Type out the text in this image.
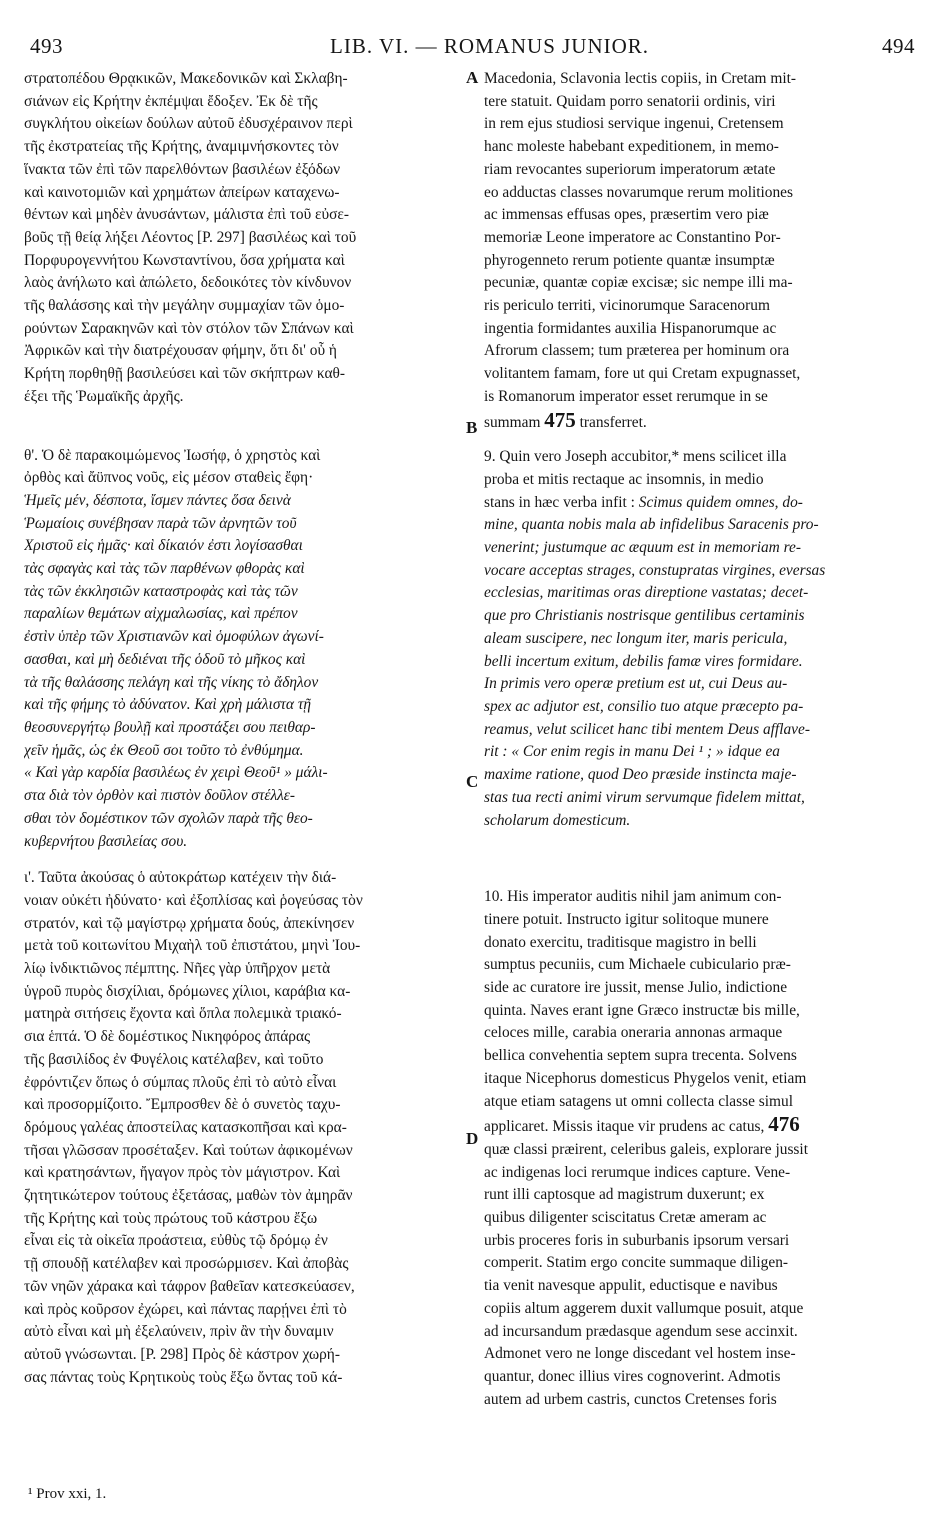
493	LIB. VI. — ROMANUS JUNIOR.	494
A
B
C
D
στρατοπέδου Θρᾳκικῶν, Μακεδονικῶν καὶ Σκλαβη-
σιάνων εἰς Κρήτην ἐκπέμψαι ἔδοξεν. Ἐκ δὲ τῆς
συγκλήτου οἰκείων δούλων αὐτοῦ ἐδυσχέραινον περὶ
τῆς ἐκστρατείας τῆς Κρήτης, ἀναμιμνήσκοντες τὸν
ἵνακτα τῶν ἐπὶ τῶν παρελθόντων βασιλέων ἐξόδων
καὶ καινοτομιῶν καὶ χρημάτων ἀπείρων καταχενω-
θέντων καὶ μηδὲν ἀνυσάντων, μάλιστα ἐπὶ τοῦ εὐσε-
βοῦς τῇ θείᾳ λήξει Λέοντος [P. 297] βασιλέως καὶ τοῦ
Πορφυρογεννήτου Κωνσταντίνου, ὅσα χρήματα καὶ
λαὸς ἀνήλωτο καὶ ἀπώλετο, δεδοικότες τὸν κίνδυνον
τῆς θαλάσσης καὶ τὴν μεγάλην συμμαχίαν τῶν ὁμο-
ρούντων Σαρακηνῶν καὶ τὸν στόλον τῶν Σπάνων καὶ
Ἀφρικῶν καὶ τὴν διατρέχουσαν φήμην, ὅτι δι' οὗ ἡ
Κρήτη πορθηθῇ βασιλεύσει καὶ τῶν σκήπτρων καθ-
έξει τῆς Ῥωμαϊκῆς ἀρχῆς.
θ'. Ὁ δὲ παρακοιμώμενος Ἰωσήφ, ὁ χρηστὸς καὶ
ὀρθὸς καὶ ἄϋπνος νοῦς, εἰς μέσον σταθεὶς ἔφη·
Ἡμεῖς μέν, δέσποτα, ἴσμεν πάντες ὅσα δεινὰ
Ῥωμαίοις συνέβησαν παρὰ τῶν ἀρνητῶν τοῦ
Χριστοῦ εἰς ἡμᾶς· καὶ δίκαιόν ἐστι λογίσασθαι
τὰς σφαγὰς καὶ τὰς τῶν παρθένων φθορὰς καὶ
τὰς τῶν ἐκκλησιῶν καταστροφὰς καὶ τὰς τῶν
παραλίων θεμάτων αἰχμαλωσίας, καὶ πρέπον
ἐστὶν ὑπὲρ τῶν Χριστιανῶν καὶ ὁμοφύλων ἀγωνί-
σασθαι, καὶ μὴ δεδιέναι τῆς ὁδοῦ τὸ μῆκος καὶ
τὰ τῆς θαλάσσης πελάγη καὶ τῆς νίκης τὸ ἄδηλον
καὶ τῆς φήμης τὸ ἀδύνατον. Καὶ χρὴ μάλιστα τῇ
θεοσυνεργήτῳ βουλῇ καὶ προστάξει σου πειθαρ-
χεῖν ἡμᾶς, ὡς ἐκ Θεοῦ σοι τοῦτο τὸ ἐνθύμημα.
« Καὶ γὰρ καρδία βασιλέως ἐν χειρὶ Θεοῦ¹ » μάλι-
στα διὰ τὸν ὀρθὸν καὶ πιστὸν δοῦλον στέλλε-
σθαι τὸν δομέστικον τῶν σχολῶν παρὰ τῆς θεο-
κυβερνήτου βασιλείας σου.
ι'. Ταῦτα ἀκούσας ὁ αὐτοκράτωρ κατέχειν τὴν διά-
νοιαν οὐκέτι ἠδύνατο· καὶ ἐξοπλίσας καὶ ῥογεύσας τὸν
στρατόν, καὶ τῷ μαγίστρῳ χρήματα δούς, ἀπεκίνησεν
μετὰ τοῦ κοιτωνίτου Μιχαὴλ τοῦ ἐπιστάτου, μηνὶ Ἰου-
λίῳ ἰνδικτιῶνος πέμπτης. Νῆες γὰρ ὑπῆρχον μετὰ
ὑγροῦ πυρὸς δισχίλιαι, δρόμωνες χίλιοι, καράβια κα-
ματηρὰ σιτήσεις ἔχοντα καὶ ὅπλα πολεμικὰ τριακό-
σια ἑπτά. Ὁ δὲ δομέστικος Νικηφόρος ἀπάρας
τῆς βασιλίδος ἐν Φυγέλοις κατέλαβεν, καὶ τοῦτο
ἐφρόντιζεν ὅπως ὁ σύμπας πλοῦς ἐπὶ τὸ αὐτὸ εἶναι
καὶ προσορμίζοιτο. Ἔμπροσθεν δὲ ὁ συνετὸς ταχυ-
δρόμους γαλέας ἀποστείλας κατασκοπῆσαι καὶ κρα-
τῆσαι γλῶσσαν προσέταξεν. Καὶ τούτων ἀφικομένων
καὶ κρατησάντων, ἤγαγον πρὸς τὸν μάγιστρον. Καὶ
ζητητικώτερον τούτους ἐξετάσας, μαθὼν τὸν ἀμηρᾶν
τῆς Κρήτης καὶ τοὺς πρώτους τοῦ κάστρου ἔξω
εἶναι εἰς τὰ οἰκεῖα προάστεια, εὐθὺς τῷ δρόμῳ ἐν
τῇ σπουδῇ κατέλαβεν καὶ προσώρμισεν. Καὶ ἀποβὰς
τῶν νηῶν χάρακα καὶ τάφρον βαθεῖαν κατεσκεύασεν,
καὶ πρὸς κοῦρσον ἐχώρει, καὶ πάντας παρῄνει ἐπὶ τὸ
αὐτὸ εἶναι καὶ μὴ ἐξελαύνειν, πρὶν ἂν τὴν δυναμιν
αὐτοῦ γνώσωνται. [P. 298] Πρὸς δὲ κάστρον χωρή-
σας πάντας τοὺς Κρητικοὺς τοὺς ἔξω ὄντας τοῦ κά-
Macedonia, Sclavonia lectis copiis, in Cretam mit-
tere statuit. Quidam porro senatorii ordinis, viri
in rem ejus studiosi servique ingenui, Cretensem
hanc moleste habebant expeditionem, in memo-
riam revocantes superiorum imperatorum ætate
eo adductas classes novarumque rerum molitiones
ac immensas effusas opes, præsertim vero piæ
memoriæ Leone imperatore ac Constantino Por-
phyrogenneto rerum potiente quantæ insumptæ
pecuniæ, quantæ copiæ excisæ; sic nempe illi ma-
ris periculo territi, vicinorumque Saracenorum
ingentia formidantes auxilia Hispanorumque ac
Afrorum classem; tum præterea per hominum ora
volitantem famam, fore ut qui Cretam expugnasset,
is Romanorum imperator esset rerumque in se
summam 475 transferret.
9. Quin vero Joseph accubitor,* mens scilicet illa
proba et mitis rectaque ac insomnis, in medio
stans in hæc verba infit : Scimus quidem omnes, do-
mine, quanta nobis mala ab infidelibus Saracenis pro-
venerint; justumque ac æquum est in memoriam re-
vocare acceptas strages, constupratas virgines, eversas
ecclesias, maritimas oras direptione vastatas; decet-
que pro Christianis nostrisque gentilibus certaminis
aleam suscipere, nec longum iter, maris pericula,
belli incertum exitum, debilis famæ vires formidare.
In primis vero operæ pretium est ut, cui Deus au-
spex ac adjutor est, consilio tuo atque præcepto pa-
reamus, velut scilicet hanc tibi mentem Deus afflave-
rit : « Cor enim regis in manu Dei ¹ ; » idque ea
maxime ratione, quod Deo præside instincta maje-
stas tua recti animi virum servumque fidelem mittat,
scholarum domesticum.
10. His imperator auditis nihil jam animum con-
tinere potuit. Instructo igitur solitoque munere
donato exercitu, traditisque magistro in belli
sumptus pecuniis, cum Michaele cubiculario præ-
side ac curatore ire jussit, mense Julio, indictione
quinta. Naves erant igne Græco instructæ bis mille,
celoces mille, carabia oneraria annonas armaque
bellica convehentia septem supra trecenta. Solvens
itaque Nicephorus domesticus Phygelos venit, etiam
atque etiam satagens ut omni collecta classe simul
applicaret. Missis itaque vir prudens ac catus, 476
quæ classi præirent, celeribus galeis, explorare jussit
ac indigenas loci rerumque indices capture. Vene-
runt illi captosque ad magistrum duxerunt; ex
quibus diligenter sciscitatus Cretæ ameram ac
urbis proceres foris in suburbanis ipsorum versari
comperit. Statim ergo concite summaque diligen-
tia venit navesque appulit, eductisque e navibus
copiis altum aggerem duxit vallumque posuit, atque
ad incursandum prædasque agendum sese accinxit.
Admonet vero ne longe discedant vel hostem inse-
quantur, donec illius vires cognoverint. Admotis
autem ad urbem castris, cunctos Cretenses foris
¹ Prov xxi, 1.
